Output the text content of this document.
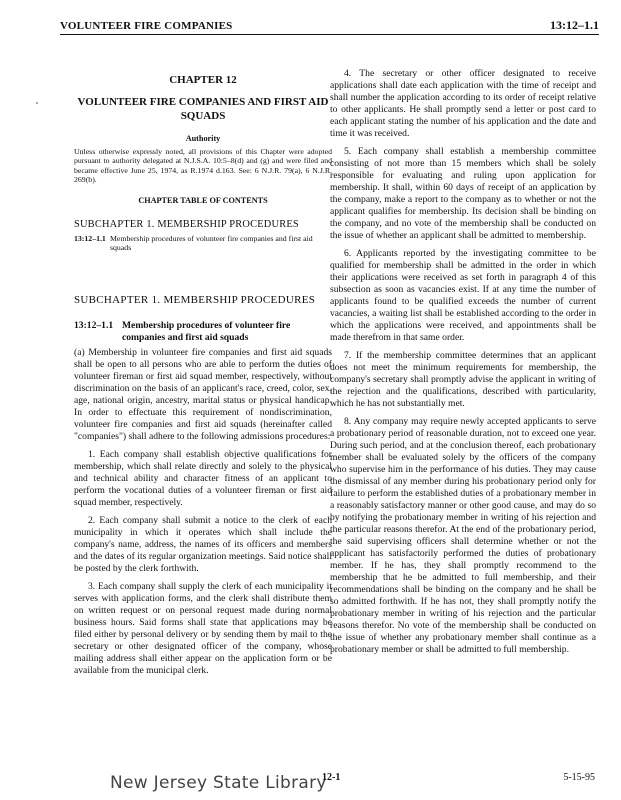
VOLUNTEER FIRE COMPANIES	13:12–1.1
CHAPTER 12
VOLUNTEER FIRE COMPANIES AND FIRST AID SQUADS
Authority
Unless otherwise expressly noted, all provisions of this Chapter were adopted pursuant to authority delegated at N.J.S.A. 10:5–8(d) and (g) and were filed and became effective June 25, 1974, as R.1974 d.163. See: 6 N.J.R. 79(a), 6 N.J.R. 269(b).
CHAPTER TABLE OF CONTENTS
SUBCHAPTER 1. MEMBERSHIP PROCEDURES
13:12–1.1 Membership procedures of volunteer fire companies and first aid squads
SUBCHAPTER 1. MEMBERSHIP PROCEDURES
13:12–1.1 Membership procedures of volunteer fire companies and first aid squads

(a) Membership in volunteer fire companies and first aid squads shall be open to all persons who are able to perform the duties of volunteer fireman or first aid squad member, respectively, without discrimination on the basis of an applicant's race, creed, color, sex, age, national origin, ancestry, marital status or physical handicap. In order to effectuate this requirement of nondiscrimination, volunteer fire companies and first aid squads (hereinafter called "companies") shall adhere to the following admissions procedures:

1. Each company shall establish objective qualifications for membership, which shall relate directly and solely to the physical and technical ability and character fitness of an applicant to perform the vocational duties of a volunteer fireman or first aid squad member, respectively.

2. Each company shall submit a notice to the clerk of each municipality in which it operates which shall include the company's name, address, the names of its officers and members and the dates of its regular organization meetings. Said notice shall be posted by the clerk forthwith.

3. Each company shall supply the clerk of each municipality it serves with application forms, and the clerk shall distribute them on written request or on personal request made during normal business hours. Said forms shall state that applications may be filed either by personal delivery or by sending them by mail to the secretary or other designated officer of the company, whose mailing address shall either appear on the application form or be available from the municipal clerk.

4. The secretary or other officer designated to receive applications shall date each application with the time of receipt and shall number the application according to its order of receipt relative to other applicants. He shall promptly send a letter or post card to each applicant stating the number of his application and the date and time it was received.

5. Each company shall establish a membership committee consisting of not more than 15 members which shall be solely responsible for evaluating and ruling upon application for membership. It shall, within 60 days of receipt of an application by the company, make a report to the company as to whether or not the applicant qualifies for membership. Its decision shall be binding on the company, and no vote of the membership shall be conducted on the issue of whether an applicant shall be admitted to membership.

6. Applicants reported by the investigating committee to be qualified for membership shall be admitted in the order in which their applications were received as set forth in paragraph 4 of this subsection as soon as vacancies exist. If at any time the number of applicants found to be qualified exceeds the number of current vacancies, a waiting list shall be established according to the order in which the applications were received, and appointments shall be made therefrom in that same order.

7. If the membership committee determines that an applicant does not meet the minimum requirements for membership, the company's secretary shall promptly advise the applicant in writing of the rejection and the qualifications, described with particularity, which he has not substantially met.

8. Any company may require newly accepted applicants to serve a probationary period of reasonable duration, not to exceed one year. During such period, and at the conclusion thereof, each probationary member shall be evaluated solely by the officers of the company who supervise him in the performance of his duties. They may cause the dismissal of any member during his probationary period only for failure to perform the established duties of a probationary member in a reasonably satisfactory manner or other good cause, and may do so by notifying the probationary member in writing of his rejection and the particular reasons therefor. At the end of the probationary period, the said supervising officers shall determine whether or not the applicant has satisfactorily performed the duties of probationary member. If he has, they shall promptly recommend to the membership that he be admitted to full membership, and their recommendations shall be binding on the company and he shall be so admitted forthwith. If he has not, they shall promptly notify the probationary member in writing of his rejection and the particular reasons therefor. No vote of the membership shall be conducted on the issue of whether any probationary member shall continue as a probationary member or shall be admitted to full membership.

New Jersey State Library
12-1	5-15-95
